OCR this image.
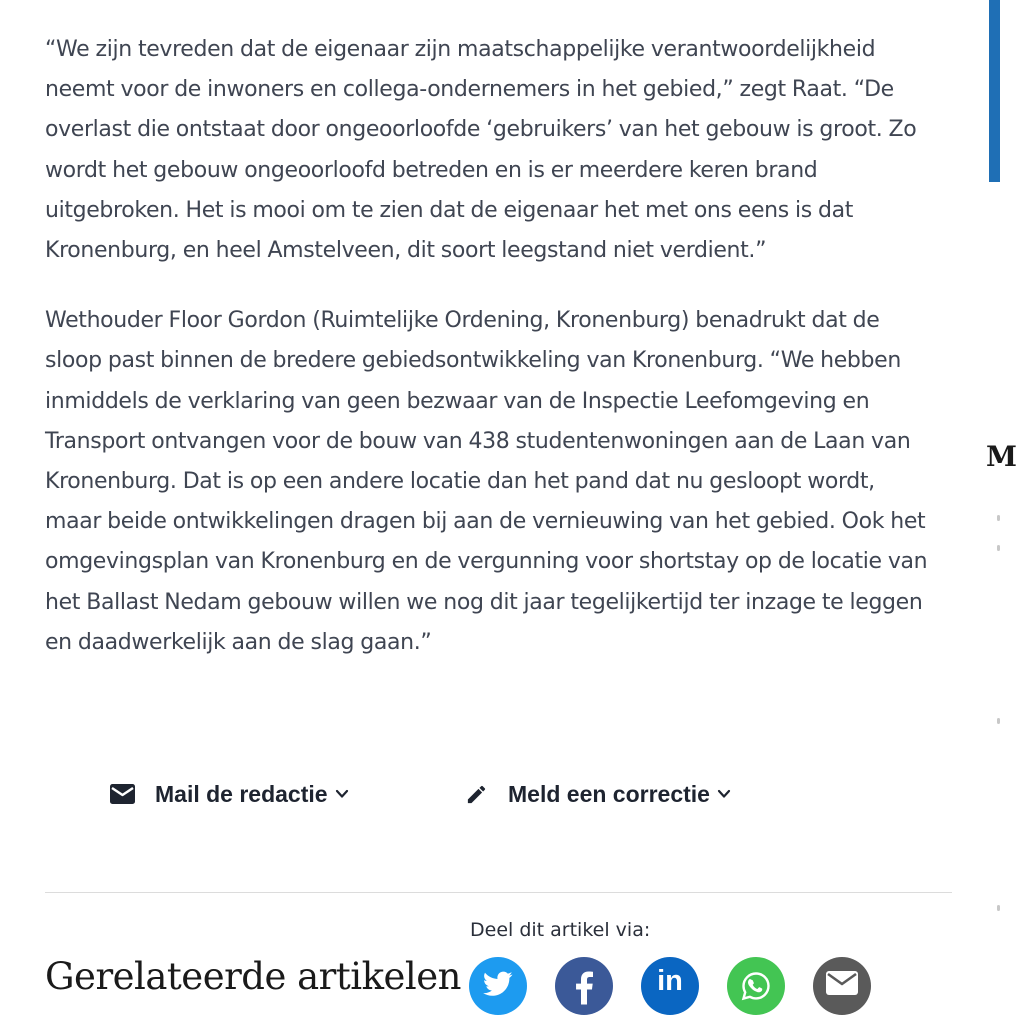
“We zijn tevreden dat de eigenaar zijn maatschappelijke verantwoordelijkheid neemt voor de inwoners en collega-ondernemers in het gebied,” zegt Raat. “De overlast die ontstaat door ongeoorloofde ‘gebruikers’ van het gebouw is groot. Zo wordt het gebouw ongeoorloofd betreden en is er meerdere keren brand uitgebroken. Het is mooi om te zien dat de eigenaar het met ons eens is dat Kronenburg, en heel Amstelveen, dit soort leegstand niet verdient.”

Wethouder Floor Gordon (Ruimtelijke Ordening, Kronenburg) benadrukt dat de sloop past binnen de bredere gebiedsontwikkeling van Kronenburg. “We hebben inmiddels de verklaring van geen bezwaar van de Inspectie Leefomgeving en Transport ontvangen voor de bouw van 438 studentenwoningen aan de Laan van Kronenburg. Dat is op een andere locatie dan het pand dat nu gesloopt wordt, maar beide ontwikkelingen dragen bij aan de vernieuwing van het gebied. Ook het omgevingsplan van Kronenburg en de vergunning voor shortstay op de locatie van het Ballast Nedam gebouw willen we nog dit jaar tegelijkertijd ter inzage te leggen en daadwerkelijk aan de slag gaan.”

M
Mail de redactie	Meld een correctie
Deel dit artikel via:
Gerelateerde artikelen	in
